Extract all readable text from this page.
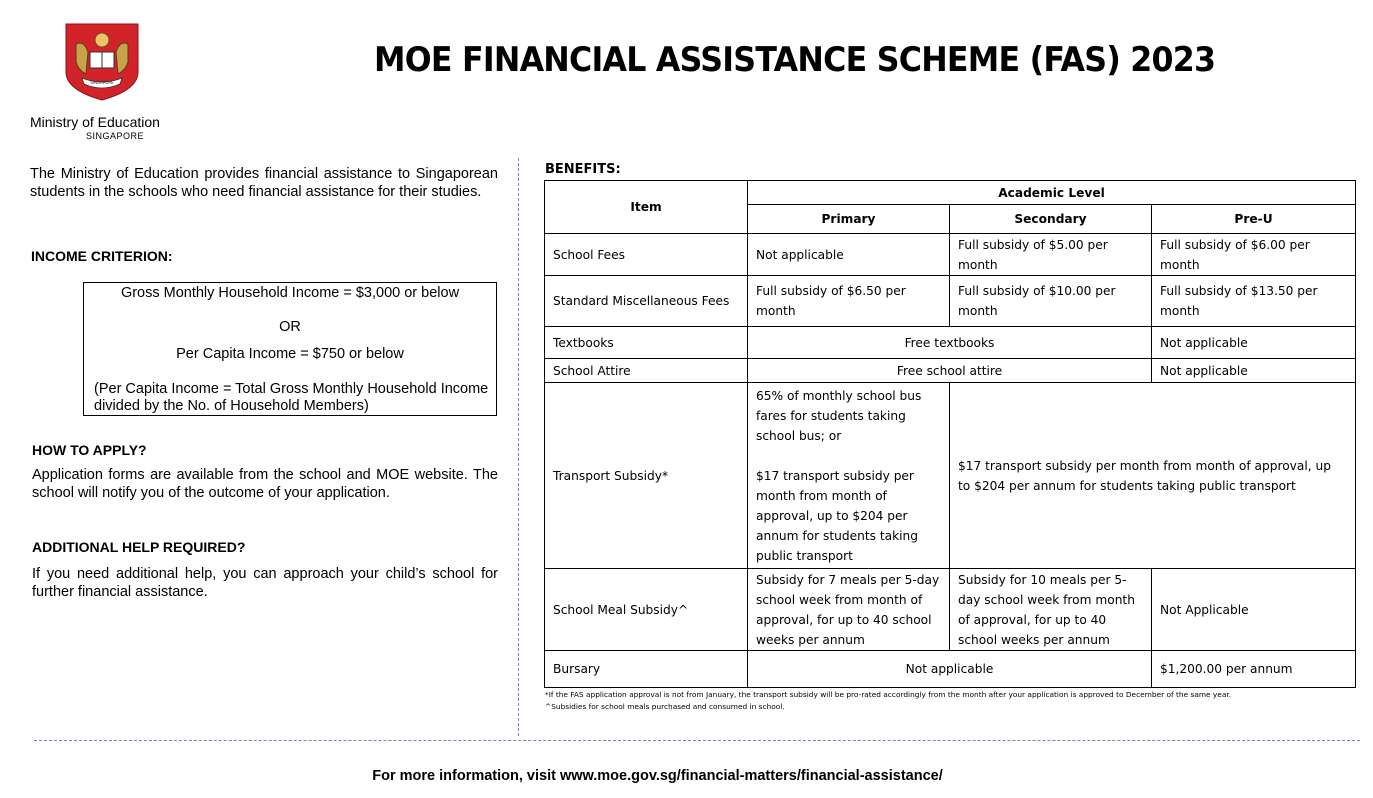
SINGAPORE
Ministry of Education
SINGAPORE
MOE FINANCIAL ASSISTANCE SCHEME (FAS) 2023
The Ministry of Education provides financial assistance to Singaporean students in the schools who need financial assistance for their studies.
INCOME CRITERION:
Gross Monthly Household Income = $3,000 or below
OR
Per Capita Income = $750 or below
(Per Capita Income = Total Gross Monthly Household Income divided by the No. of Household Members)
HOW TO APPLY?
Application forms are available from the school and MOE website. The school will notify you of the outcome of your application.
ADDITIONAL HELP REQUIRED?
If you need additional help, you can approach your child’s school for further financial assistance.
BENEFITS:
Item	Academic Level		
	Primary	Secondary	Pre-U
School Fees	Not applicable	Full subsidy of $5.00 per month	Full subsidy of $6.00 per month
Standard Miscellaneous Fees	Full subsidy of $6.50 per month	Full subsidy of $10.00 per month	Full subsidy of $13.50 per month
Textbooks	Free textbooks		Not applicable
School Attire	Free school attire		Not applicable
Transport Subsidy*	65% of monthly school bus fares for students taking school bus; or
$17 transport subsidy per month from month of approval, up to $204 per annum for students taking public transport	$17 transport subsidy per month from month of approval, up to $204 per annum for students taking public transport	
School Meal Subsidy^	Subsidy for 7 meals per 5-day school week from month of approval, for up to 40 school weeks per annum	Subsidy for 10 meals per 5-day school week from month of approval, for up to 40 school weeks per annum	Not Applicable
Bursary	Not applicable		$1,200.00 per annum
*If the FAS application approval is not from January, the transport subsidy will be pro-rated accordingly from the month after your application is approved to December of the same year.
^Subsidies for school meals purchased and consumed in school.
For more information, visit www.moe.gov.sg/financial-matters/financial-assistance/
